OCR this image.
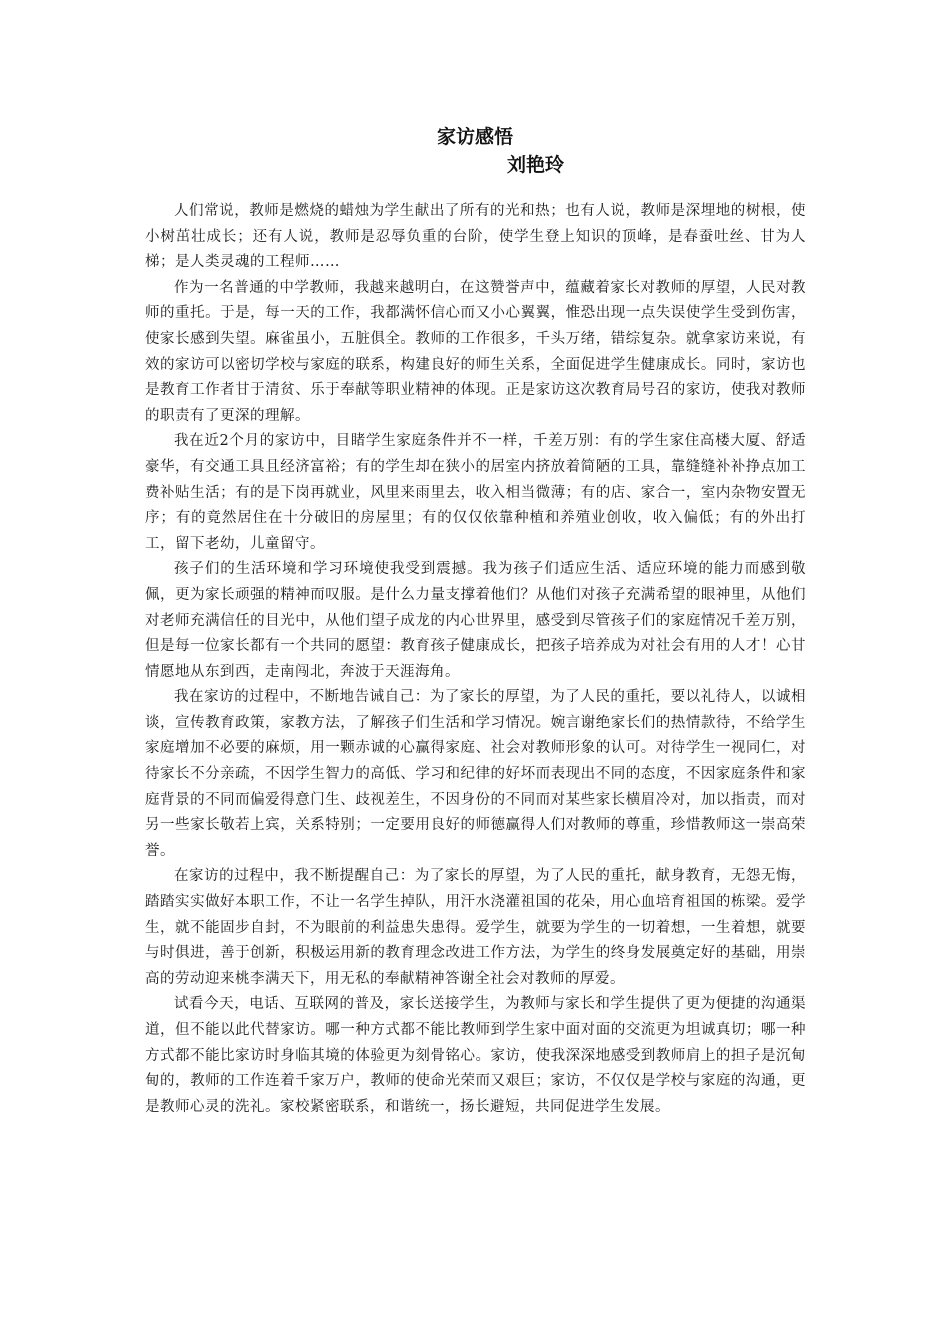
家访感悟
刘艳玲

人们常说，教师是燃烧的蜡烛为学生献出了所有的光和热；也有人说，教师是深埋地的树根，使小树茁壮成长；还有人说，教师是忍辱负重的台阶，使学生登上知识的顶峰，是春蚕吐丝、甘为人梯；是人类灵魂的工程师……

作为一名普通的中学教师，我越来越明白，在这赞誉声中，蕴藏着家长对教师的厚望，人民对教师的重托。于是，每一天的工作，我都满怀信心而又小心翼翼，惟恐出现一点失误使学生受到伤害，使家长感到失望。麻雀虽小，五脏俱全。教师的工作很多，千头万绪，错综复杂。就拿家访来说，有效的家访可以密切学校与家庭的联系，构建良好的师生关系，全面促进学生健康成长。同时，家访也是教育工作者甘于清贫、乐于奉献等职业精神的体现。正是家访这次教育局号召的家访，使我对教师的职责有了更深的理解。

我在近2个月的家访中，目睹学生家庭条件并不一样，千差万别：有的学生家住高楼大厦、舒适豪华，有交通工具且经济富裕；有的学生却在狭小的居室内挤放着简陋的工具，靠缝缝补补挣点加工费补贴生活；有的是下岗再就业，风里来雨里去，收入相当微薄；有的店、家合一，室内杂物安置无序；有的竟然居住在十分破旧的房屋里；有的仅仅依靠种植和养殖业创收，收入偏低；有的外出打工，留下老幼，儿童留守。

孩子们的生活环境和学习环境使我受到震撼。我为孩子们适应生活、适应环境的能力而感到敬佩，更为家长顽强的精神而叹服。是什么力量支撑着他们？从他们对孩子充满希望的眼神里，从他们对老师充满信任的目光中，从他们望子成龙的内心世界里，感受到尽管孩子们的家庭情况千差万别，但是每一位家长都有一个共同的愿望：教育孩子健康成长，把孩子培养成为对社会有用的人才！心甘情愿地从东到西，走南闯北，奔波于天涯海角。

我在家访的过程中，不断地告诫自己：为了家长的厚望，为了人民的重托，要以礼待人，以诚相谈，宣传教育政策，家教方法，了解孩子们生活和学习情况。婉言谢绝家长们的热情款待，不给学生家庭增加不必要的麻烦，用一颗赤诚的心赢得家庭、社会对教师形象的认可。对待学生一视同仁，对待家长不分亲疏，不因学生智力的高低、学习和纪律的好坏而表现出不同的态度，不因家庭条件和家庭背景的不同而偏爱得意门生、歧视差生，不因身份的不同而对某些家长横眉冷对，加以指责，而对另一些家长敬若上宾，关系特别；一定要用良好的师德赢得人们对教师的尊重，珍惜教师这一崇高荣誉。

在家访的过程中，我不断提醒自己：为了家长的厚望，为了人民的重托，献身教育，无怨无悔，踏踏实实做好本职工作，不让一名学生掉队，用汗水浇灌祖国的花朵，用心血培育祖国的栋梁。爱学生，就不能固步自封，不为眼前的利益患失患得。爱学生，就要为学生的一切着想，一生着想，就要与时俱进，善于创新，积极运用新的教育理念改进工作方法，为学生的终身发展奠定好的基础，用崇高的劳动迎来桃李满天下，用无私的奉献精神答谢全社会对教师的厚爱。

试看今天，电话、互联网的普及，家长送接学生，为教师与家长和学生提供了更为便捷的沟通渠道，但不能以此代替家访。哪一种方式都不能比教师到学生家中面对面的交流更为坦诚真切；哪一种方式都不能比家访时身临其境的体验更为刻骨铭心。家访，使我深深地感受到教师肩上的担子是沉甸甸的，教师的工作连着千家万户，教师的使命光荣而又艰巨；家访，不仅仅是学校与家庭的沟通，更是教师心灵的洗礼。家校紧密联系，和谐统一，扬长避短，共同促进学生发展。
